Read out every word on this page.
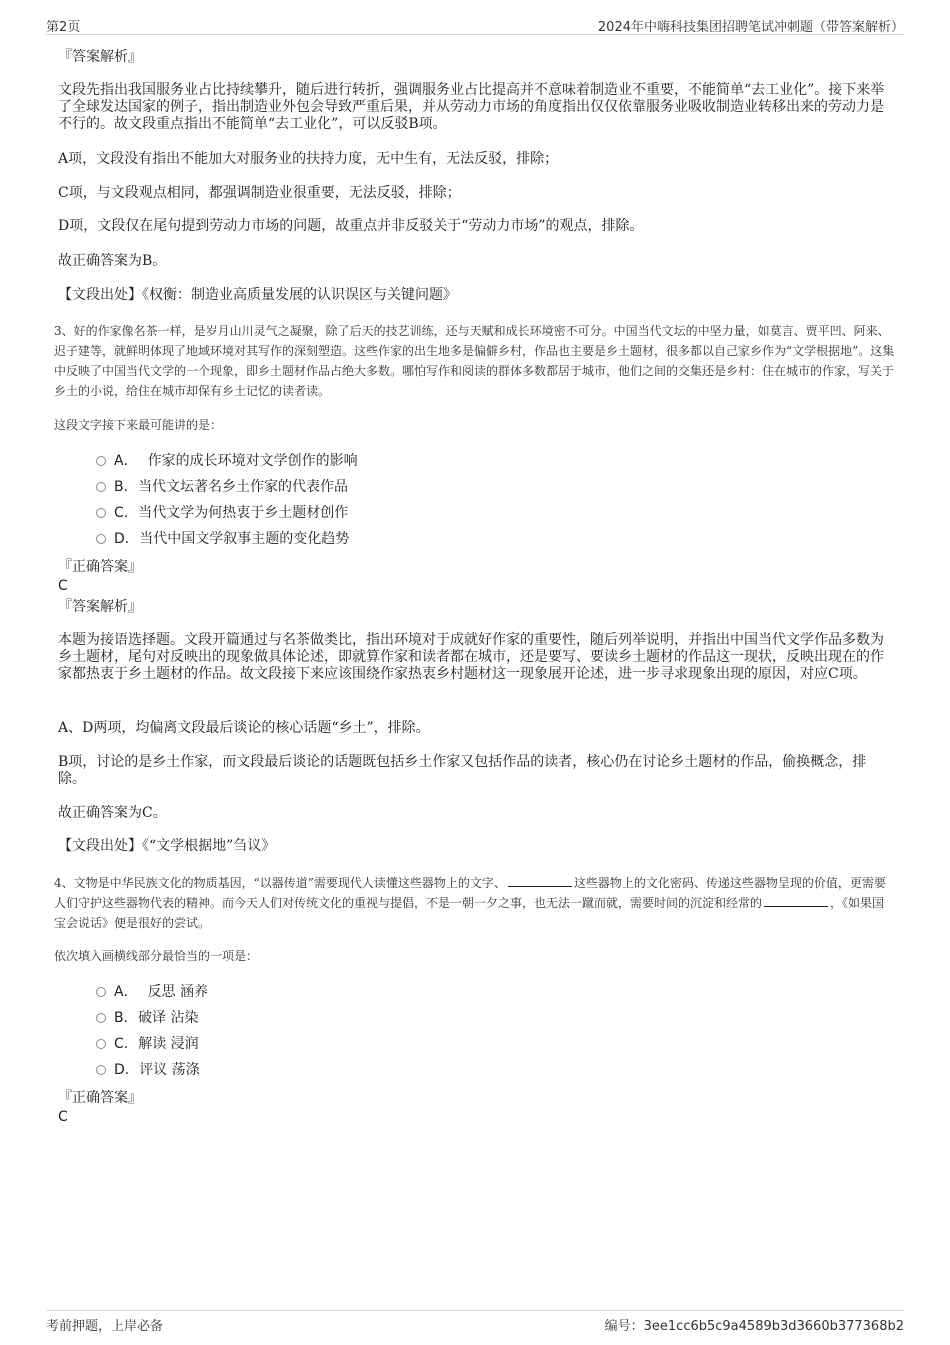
第2页	2024年中嗨科技集团招聘笔试冲刺题（带答案解析）
『答案解析』
文段先指出我国服务业占比持续攀升，随后进行转折，强调服务业占比提高并不意味着制造业不重要，不能简单“去工业化”。接下来举了全球发达国家的例子，指出制造业外包会导致严重后果，并从劳动力市场的角度指出仅仅依靠服务业吸收制造业转移出来的劳动力是不行的。故文段重点指出不能简单“去工业化”，可以反驳B项。
A项，文段没有指出不能加大对服务业的扶持力度，无中生有，无法反驳，排除；
C项，与文段观点相同，都强调制造业很重要，无法反驳，排除；
D项，文段仅在尾句提到劳动力市场的问题，故重点并非反驳关于“劳动力市场”的观点，排除。
故正确答案为B。
【文段出处】《权衡：制造业高质量发展的认识误区与关键问题》
3、好的作家像名茶一样，是岁月山川灵气之凝聚，除了后天的技艺训练，还与天赋和成长环境密不可分。中国当代文坛的中坚力量，如莫言、贾平凹、阿来、迟子建等，就鲜明体现了地域环境对其写作的深刻塑造。这些作家的出生地多是偏僻乡村，作品也主要是乡土题材，很多都以自己家乡作为“文学根据地”。这集中反映了中国当代文学的一个现象，即乡土题材作品占绝大多数。哪怕写作和阅读的群体多数都居于城市，他们之间的交集还是乡村：住在城市的作家，写关于乡土的小说，给住在城市却保有乡土记忆的读者读。
这段文字接下来最可能讲的是：
A． 作家的成长环境对文学创作的影响
B. 当代文坛著名乡土作家的代表作品
C. 当代文学为何热衷于乡土题材创作
D. 当代中国文学叙事主题的变化趋势
『正确答案』
C
『答案解析』
本题为接语选择题。文段开篇通过与名茶做类比，指出环境对于成就好作家的重要性，随后列举说明，并指出中国当代文学作品多数为乡土题材，尾句对反映出的现象做具体论述，即就算作家和读者都在城市，还是要写、要读乡土题材的作品这一现状，反映出现在的作家都热衷于乡土题材的作品。故文段接下来应该围绕作家热衷乡村题材这一现象展开论述，进一步寻求现象出现的原因，对应C项。
A、D两项，均偏离文段最后谈论的核心话题“乡土”，排除。
B项，讨论的是乡土作家，而文段最后谈论的话题既包括乡土作家又包括作品的读者，核心仍在讨论乡土题材的作品，偷换概念，排除。
故正确答案为C。
【文段出处】《“文学根据地”刍议》
4、文物是中华民族文化的物质基因，“以器传道”需要现代人读懂这些器物上的文字、	这些器物上的文化密码、传递这些器物呈现的价值，更需要人们守护这些器物代表的精神。而今天人们对传统文化的重视与提倡，不是一朝一夕之事，也无法一蹴而就，需要时间的沉淀和经常的	，《如果国宝会说话》便是很好的尝试。
依次填入画横线部分最恰当的一项是：
A． 反思 涵养
B. 破译 沾染
C. 解读 浸润
D. 评议 荡涤
『正确答案』
C
考前押题，上岸必备	编号：3ee1cc6b5c9a4589b3d3660b377368b2
